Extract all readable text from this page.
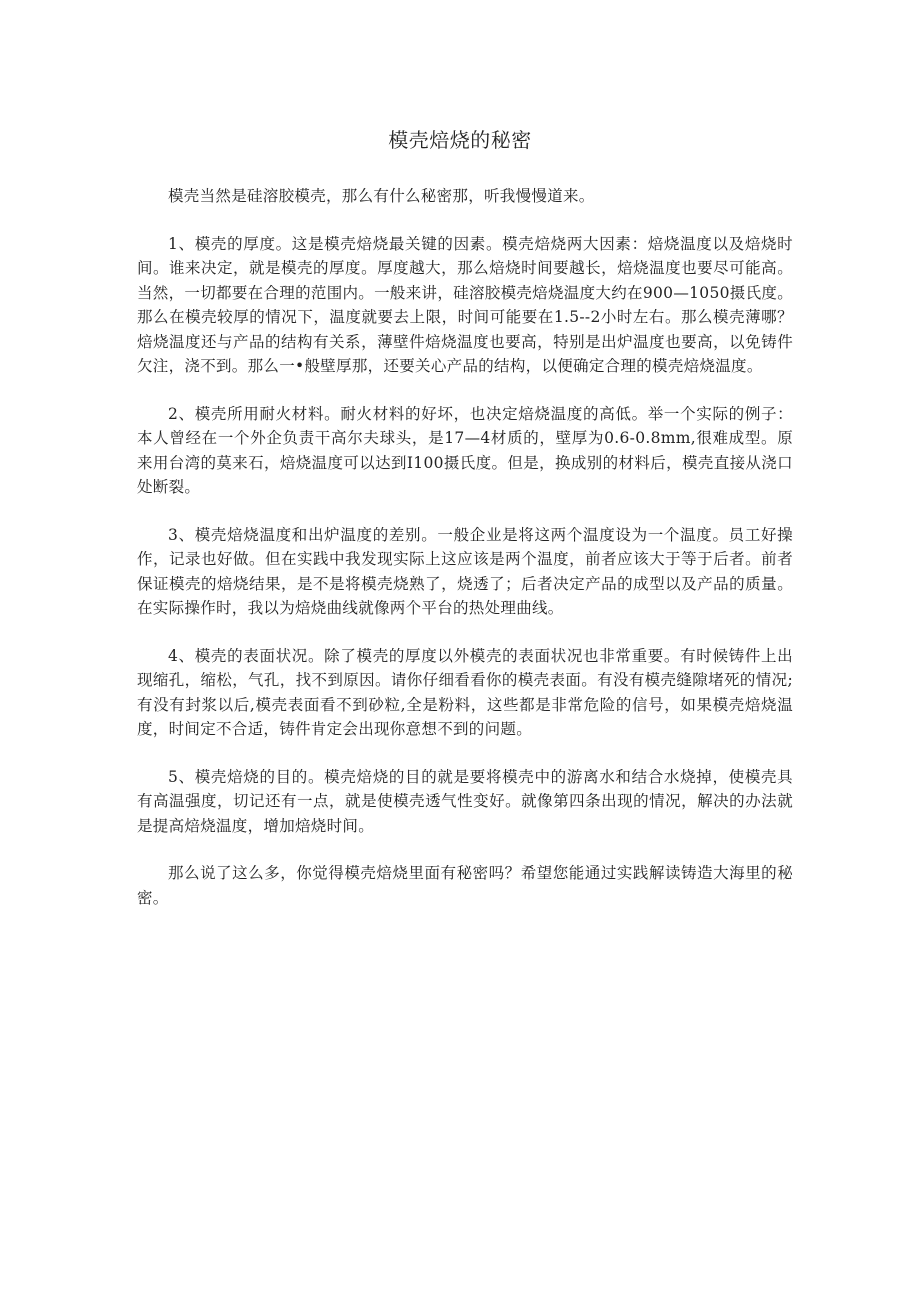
模壳焙烧的秘密

模壳当然是硅溶胶模壳，那么有什么秘密那，听我慢慢道来。

1、模壳的厚度。这是模壳焙烧最关键的因素。模壳焙烧两大因素：焙烧温度以及焙烧时间。谁来决定，就是模壳的厚度。厚度越大，那么焙烧时间要越长，焙烧温度也要尽可能高。当然，一切都要在合理的范围内。一般来讲，硅溶胶模壳焙烧温度大约在900—1050摄氏度。那么在模壳较厚的情况下，温度就要去上限，时间可能要在1.5--2小时左右。那么模壳薄哪？焙烧温度还与产品的结构有关系，薄壁件焙烧温度也要高，特别是出炉温度也要高，以免铸件欠注，浇不到。那么一•般壁厚那，还要关心产品的结构，以便确定合理的模壳焙烧温度。

2、模壳所用耐火材料。耐火材料的好坏，也决定焙烧温度的高低。举一个实际的例子：本人曾经在一个外企负责干高尔夫球头，是17—4材质的，壁厚为0.6-0.8mm,很难成型。原来用台湾的莫来石，焙烧温度可以达到I100摄氏度。但是，换成别的材料后，模壳直接从浇口处断裂。

3、模壳焙烧温度和出炉温度的差别。一般企业是将这两个温度设为一个温度。员工好操作，记录也好做。但在实践中我发现实际上这应该是两个温度，前者应该大于等于后者。前者保证模壳的焙烧结果，是不是将模壳烧熟了，烧透了；后者决定产品的成型以及产品的质量。在实际操作时，我以为焙烧曲线就像两个平台的热处理曲线。

4、模壳的表面状况。除了模壳的厚度以外模壳的表面状况也非常重要。有时候铸件上出现缩孔，缩松，气孔，找不到原因。请你仔细看看你的模壳表面。有没有模壳缝隙堵死的情况;有没有封浆以后,模壳表面看不到砂粒,全是粉料，这些都是非常危险的信号，如果模壳焙烧温度，时间定不合适，铸件肯定会出现你意想不到的问题。

5、模壳焙烧的目的。模壳焙烧的目的就是要将模壳中的游离水和结合水烧掉，使模壳具有高温强度，切记还有一点，就是使模壳透气性变好。就像第四条出现的情况，解决的办法就是提高焙烧温度，增加焙烧时间。

那么说了这么多，你觉得模壳焙烧里面有秘密吗？希望您能通过实践解读铸造大海里的秘密。
